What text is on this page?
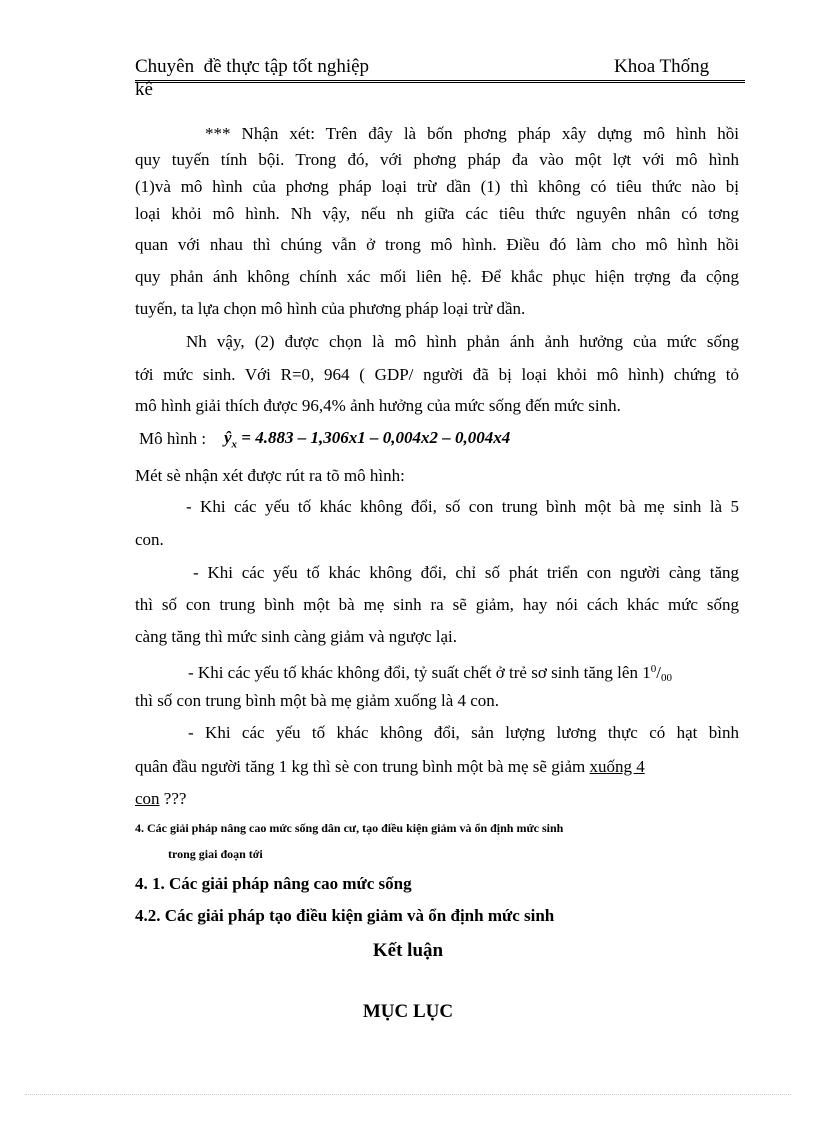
Chuyên  đề thực tập tốt nghiệp	Khoa Thống
kê
*** Nhận xét: Trên đây là bốn phơng pháp xây dựng mô hình hồi
quy tuyến tính bội. Trong đó, với phơng pháp đa vào một lợt với mô hình
(1)và mô hình của phơng pháp loại trừ dần (1) thì không có tiêu thức nào bị
loại khỏi mô hình. Nh vậy, nếu nh giữa các tiêu thức nguyên nhân có tơng
quan với nhau thì chúng vẫn ở trong mô hình. Điều đó làm cho mô hình hồi
quy phản ánh không chính xác mối liên hệ. Để khắc phục hiện trợng đa cộng
tuyến, ta lựa chọn mô hình của phương pháp loại trừ dần.
Nh vậy, (2) được chọn là mô hình phản ánh ảnh hưởng của mức sống
tới mức sinh. Với R=0, 964 ( GDP/ người đã bị loại khỏi mô hình) chứng tỏ
mô hình giải thích được 96,4% ảnh hưởng của mức sống đến mức sinh.
Mô hình : $ŷ_x = 4.883 - 1,306x1 - 0,004x2 - 0,004x4$
Mét sè nhận xét được rút ra tõ mô hình:
- Khi các yếu tố khác không đổi, số con trung bình một bà mẹ sinh là 5
con.
- Khi các yếu tố khác không đổi, chỉ số phát triển con người càng tăng
thì số con trung bình một bà mẹ sinh ra sẽ giảm, hay nói cách khác mức sống
càng tăng thì mức sinh càng giảm và ngược lại.
- Khi các yếu tố khác không đổi, tỷ suất chết ở trẻ sơ sinh tăng lên $1^0/_{00}$
thì số con trung bình một bà mẹ giảm xuống là 4 con.
- Khi các yếu tố khác không đổi, sản lượng lương thực có hạt bình
quân đầu người tăng 1 kg thì sè con trung bình một bà mẹ sẽ giảm xuống 4
con ???
4. Các giải pháp nâng cao mức sống dân cư, tạo điều kiện giảm và ổn định mức sinh
trong giai đoạn tới
4. 1. Các giải pháp nâng cao mức sống
4.2. Các giải pháp tạo điều kiện giảm và ổn định mức sinh
Kết luận
MỤC LỤC
